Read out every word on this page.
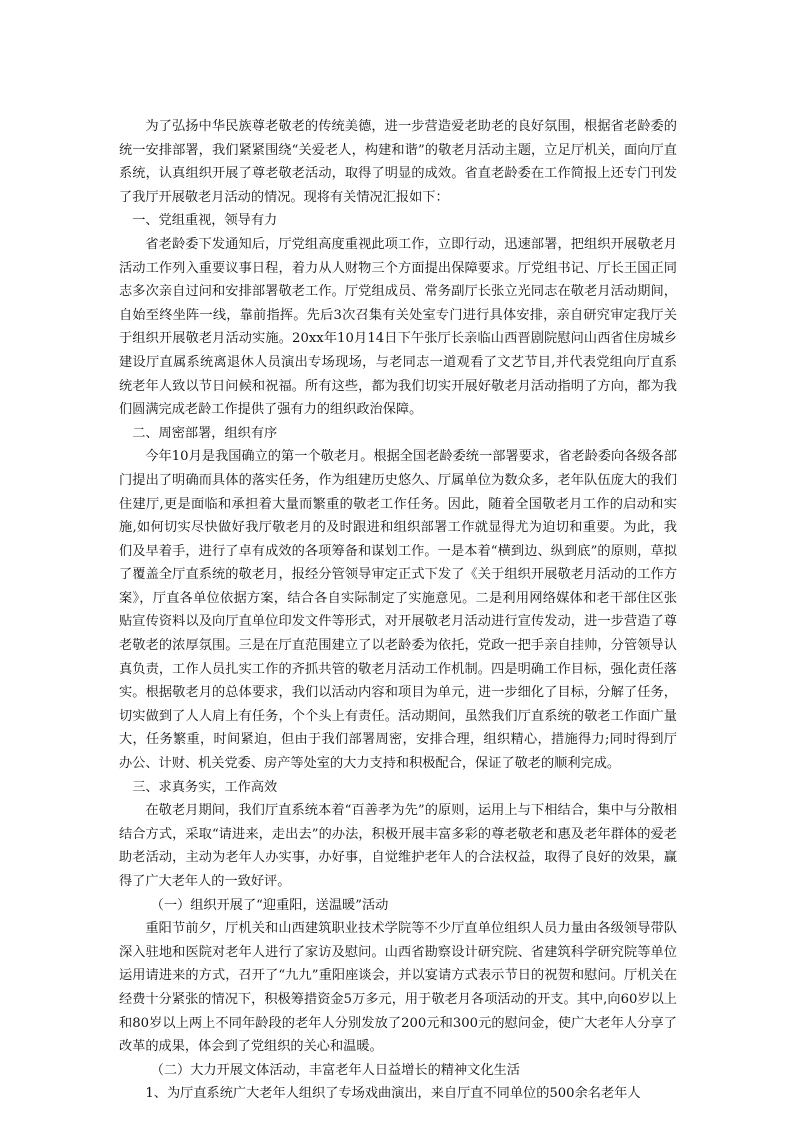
为了弘扬中华民族尊老敬老的传统美德，进一步营造爱老助老的良好氛围，根据省老龄委的统一安排部署，我们紧紧围绕“关爱老人，构建和谐”的敬老月活动主题，立足厅机关，面向厅直系统，认真组织开展了尊老敬老活动，取得了明显的成效。省直老龄委在工作简报上还专门刊发了我厅开展敬老月活动的情况。现将有关情况汇报如下：

一、党组重视，领导有力

省老龄委下发通知后，厅党组高度重视此项工作，立即行动，迅速部署，把组织开展敬老月活动工作列入重要议事日程，着力从人财物三个方面提出保障要求。厅党组书记、厅长王国正同志多次亲自过问和安排部署敬老工作。厅党组成员、常务副厅长张立光同志在敬老月活动期间，自始至终坐阵一线，靠前指挥。先后3次召集有关处室专门进行具体安排，亲自研究审定我厅关于组织开展敬老月活动实施。20xx年10月14日下午张厅长亲临山西晋剧院慰问山西省住房城乡建设厅直属系统离退休人员演出专场现场，与老同志一道观看了文艺节目,并代表党组向厅直系统老年人致以节日问候和祝福。所有这些，都为我们切实开展好敬老月活动指明了方向，都为我们圆满完成老龄工作提供了强有力的组织政治保障。

二、周密部署，组织有序

今年10月是我国确立的第一个敬老月。根据全国老龄委统一部署要求，省老龄委向各级各部门提出了明确而具体的落实任务，作为组建历史悠久、厅属单位为数众多，老年队伍庞大的我们住建厅,更是面临和承担着大量而繁重的敬老工作任务。因此，随着全国敬老月工作的启动和实施,如何切实尽快做好我厅敬老月的及时跟进和组织部署工作就显得尤为迫切和重要。为此，我们及早着手，进行了卓有成效的各项筹备和谋划工作。一是本着“横到边、纵到底”的原则，草拟了覆盖全厅直系统的敬老月，报经分管领导审定正式下发了《关于组织开展敬老月活动的工作方案》，厅直各单位依据方案，结合各自实际制定了实施意见。二是利用网络媒体和老干部住区张贴宣传资料以及向厅直单位印发文件等形式，对开展敬老月活动进行宣传发动，进一步营造了尊老敬老的浓厚氛围。三是在厅直范围建立了以老龄委为依托，党政一把手亲自挂帅，分管领导认真负责，工作人员扎实工作的齐抓共管的敬老月活动工作机制。四是明确工作目标，强化责任落实。根据敬老月的总体要求，我们以活动内容和项目为单元，进一步细化了目标，分解了任务，切实做到了人人肩上有任务，个个头上有责任。活动期间，虽然我们厅直系统的敬老工作面广量大，任务繁重，时间紧迫，但由于我们部署周密，安排合理，组织精心，措施得力;同时得到厅办公、计财、机关党委、房产等处室的大力支持和积极配合，保证了敬老的顺利完成。

三、求真务实，工作高效

在敬老月期间，我们厅直系统本着“百善孝为先”的原则，运用上与下相结合，集中与分散相结合方式，采取“请进来，走出去”的办法，积极开展丰富多彩的尊老敬老和惠及老年群体的爱老助老活动，主动为老年人办实事，办好事，自觉维护老年人的合法权益，取得了良好的效果，赢得了广大老年人的一致好评。

（一）组织开展了“迎重阳，送温暖”活动

重阳节前夕，厅机关和山西建筑职业技术学院等不少厅直单位组织人员力量由各级领导带队深入驻地和医院对老年人进行了家访及慰问。山西省勘察设计研究院、省建筑科学研究院等单位运用请进来的方式，召开了“九九”重阳座谈会，并以宴请方式表示节日的祝贺和慰问。厅机关在经费十分紧张的情况下，积极筹措资金5万多元，用于敬老月各项活动的开支。其中,向60岁以上和80岁以上两上不同年龄段的老年人分别发放了200元和300元的慰问金，使广大老年人分享了改革的成果，体会到了党组织的关心和温暖。

（二）大力开展文体活动，丰富老年人日益增长的精神文化生活

1、为厅直系统广大老年人组织了专场戏曲演出，来自厅直不同单位的500余名老年人
